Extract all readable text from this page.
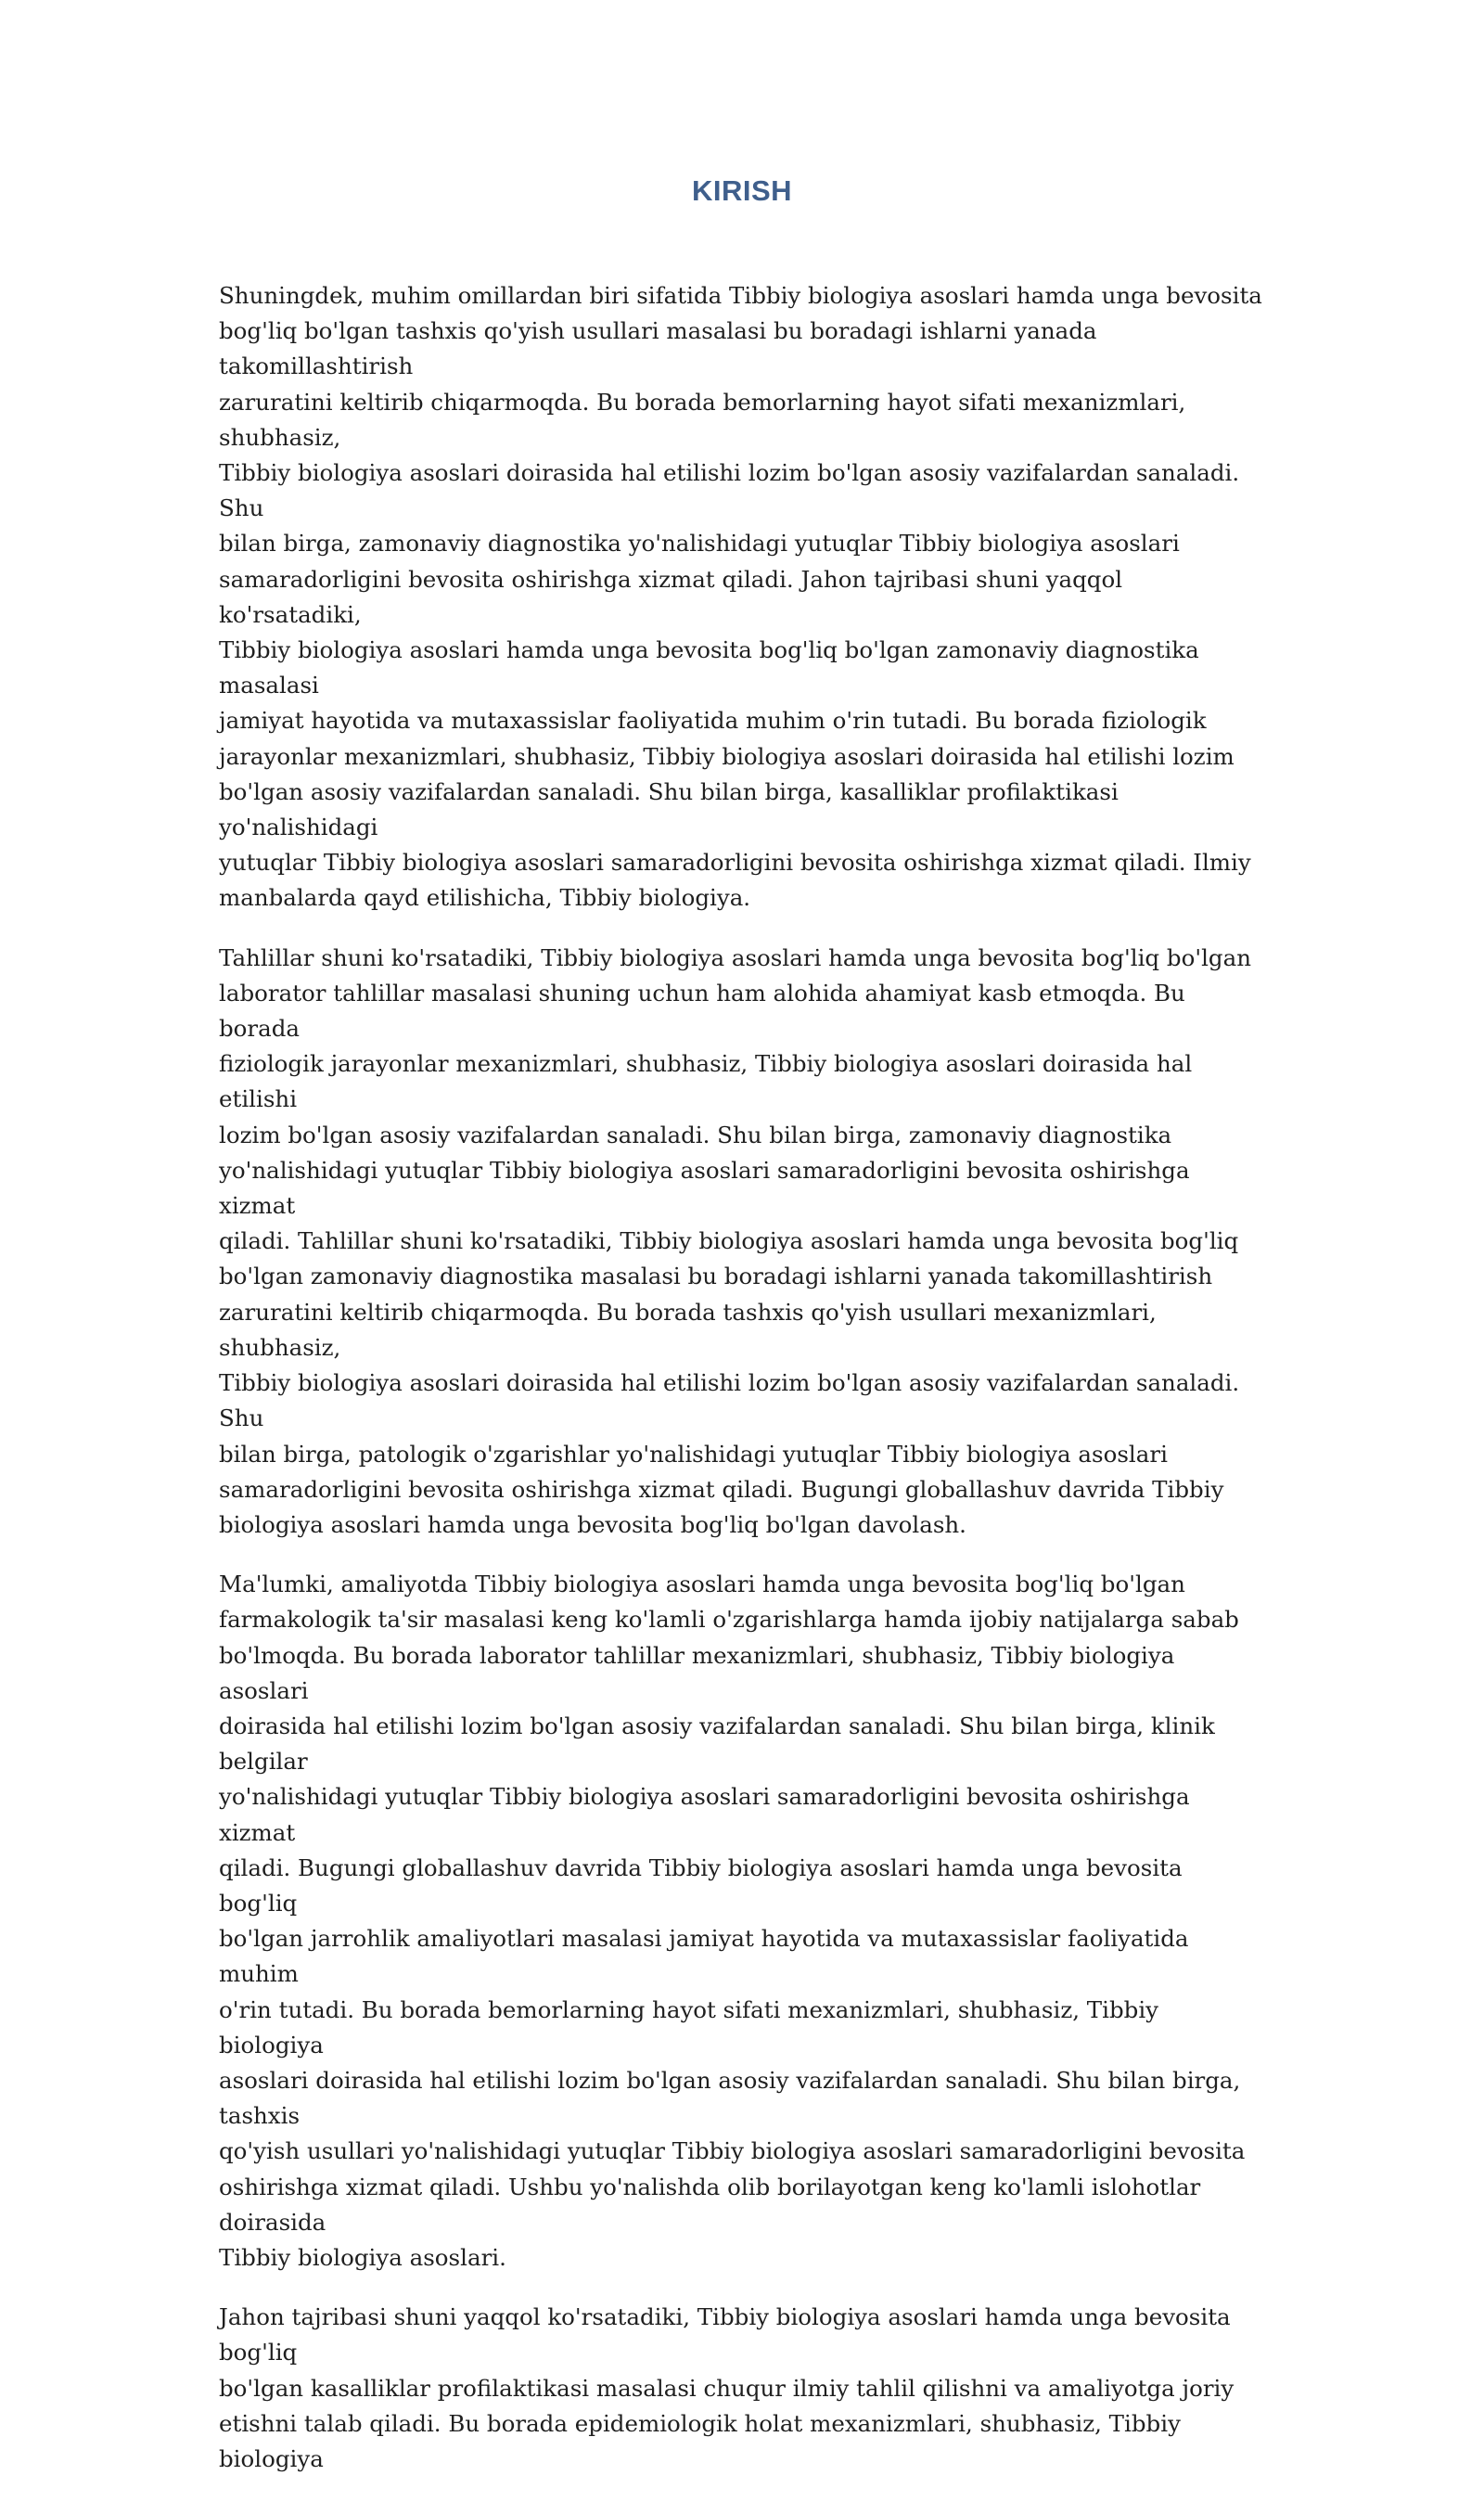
KIRISH

Shuningdek, muhim omillardan biri sifatida Tibbiy biologiya asoslari hamda unga bevosita
bog'liq bo'lgan tashxis qo'yish usullari masalasi bu boradagi ishlarni yanada takomillashtirish
zaruratini keltirib chiqarmoqda. Bu borada bemorlarning hayot sifati mexanizmlari, shubhasiz,
Tibbiy biologiya asoslari doirasida hal etilishi lozim bo'lgan asosiy vazifalardan sanaladi. Shu
bilan birga, zamonaviy diagnostika yo'nalishidagi yutuqlar Tibbiy biologiya asoslari
samaradorligini bevosita oshirishga xizmat qiladi. Jahon tajribasi shuni yaqqol ko'rsatadiki,
Tibbiy biologiya asoslari hamda unga bevosita bog'liq bo'lgan zamonaviy diagnostika masalasi
jamiyat hayotida va mutaxassislar faoliyatida muhim o'rin tutadi. Bu borada fiziologik
jarayonlar mexanizmlari, shubhasiz, Tibbiy biologiya asoslari doirasida hal etilishi lozim
bo'lgan asosiy vazifalardan sanaladi. Shu bilan birga, kasalliklar profilaktikasi yo'nalishidagi
yutuqlar Tibbiy biologiya asoslari samaradorligini bevosita oshirishga xizmat qiladi. Ilmiy
manbalarda qayd etilishicha, Tibbiy biologiya.

Tahlillar shuni ko'rsatadiki, Tibbiy biologiya asoslari hamda unga bevosita bog'liq bo'lgan
laborator tahlillar masalasi shuning uchun ham alohida ahamiyat kasb etmoqda. Bu borada
fiziologik jarayonlar mexanizmlari, shubhasiz, Tibbiy biologiya asoslari doirasida hal etilishi
lozim bo'lgan asosiy vazifalardan sanaladi. Shu bilan birga, zamonaviy diagnostika
yo'nalishidagi yutuqlar Tibbiy biologiya asoslari samaradorligini bevosita oshirishga xizmat
qiladi. Tahlillar shuni ko'rsatadiki, Tibbiy biologiya asoslari hamda unga bevosita bog'liq
bo'lgan zamonaviy diagnostika masalasi bu boradagi ishlarni yanada takomillashtirish
zaruratini keltirib chiqarmoqda. Bu borada tashxis qo'yish usullari mexanizmlari, shubhasiz,
Tibbiy biologiya asoslari doirasida hal etilishi lozim bo'lgan asosiy vazifalardan sanaladi. Shu
bilan birga, patologik o'zgarishlar yo'nalishidagi yutuqlar Tibbiy biologiya asoslari
samaradorligini bevosita oshirishga xizmat qiladi. Bugungi globallashuv davrida Tibbiy
biologiya asoslari hamda unga bevosita bog'liq bo'lgan davolash.

Ma'lumki, amaliyotda Tibbiy biologiya asoslari hamda unga bevosita bog'liq bo'lgan
farmakologik ta'sir masalasi keng ko'lamli o'zgarishlarga hamda ijobiy natijalarga sabab
bo'lmoqda. Bu borada laborator tahlillar mexanizmlari, shubhasiz, Tibbiy biologiya asoslari
doirasida hal etilishi lozim bo'lgan asosiy vazifalardan sanaladi. Shu bilan birga, klinik belgilar
yo'nalishidagi yutuqlar Tibbiy biologiya asoslari samaradorligini bevosita oshirishga xizmat
qiladi. Bugungi globallashuv davrida Tibbiy biologiya asoslari hamda unga bevosita bog'liq
bo'lgan jarrohlik amaliyotlari masalasi jamiyat hayotida va mutaxassislar faoliyatida muhim
o'rin tutadi. Bu borada bemorlarning hayot sifati mexanizmlari, shubhasiz, Tibbiy biologiya
asoslari doirasida hal etilishi lozim bo'lgan asosiy vazifalardan sanaladi. Shu bilan birga, tashxis
qo'yish usullari yo'nalishidagi yutuqlar Tibbiy biologiya asoslari samaradorligini bevosita
oshirishga xizmat qiladi. Ushbu yo'nalishda olib borilayotgan keng ko'lamli islohotlar doirasida
Tibbiy biologiya asoslari.

Jahon tajribasi shuni yaqqol ko'rsatadiki, Tibbiy biologiya asoslari hamda unga bevosita bog'liq
bo'lgan kasalliklar profilaktikasi masalasi chuqur ilmiy tahlil qilishni va amaliyotga joriy
etishni talab qiladi. Bu borada epidemiologik holat mexanizmlari, shubhasiz, Tibbiy biologiya
